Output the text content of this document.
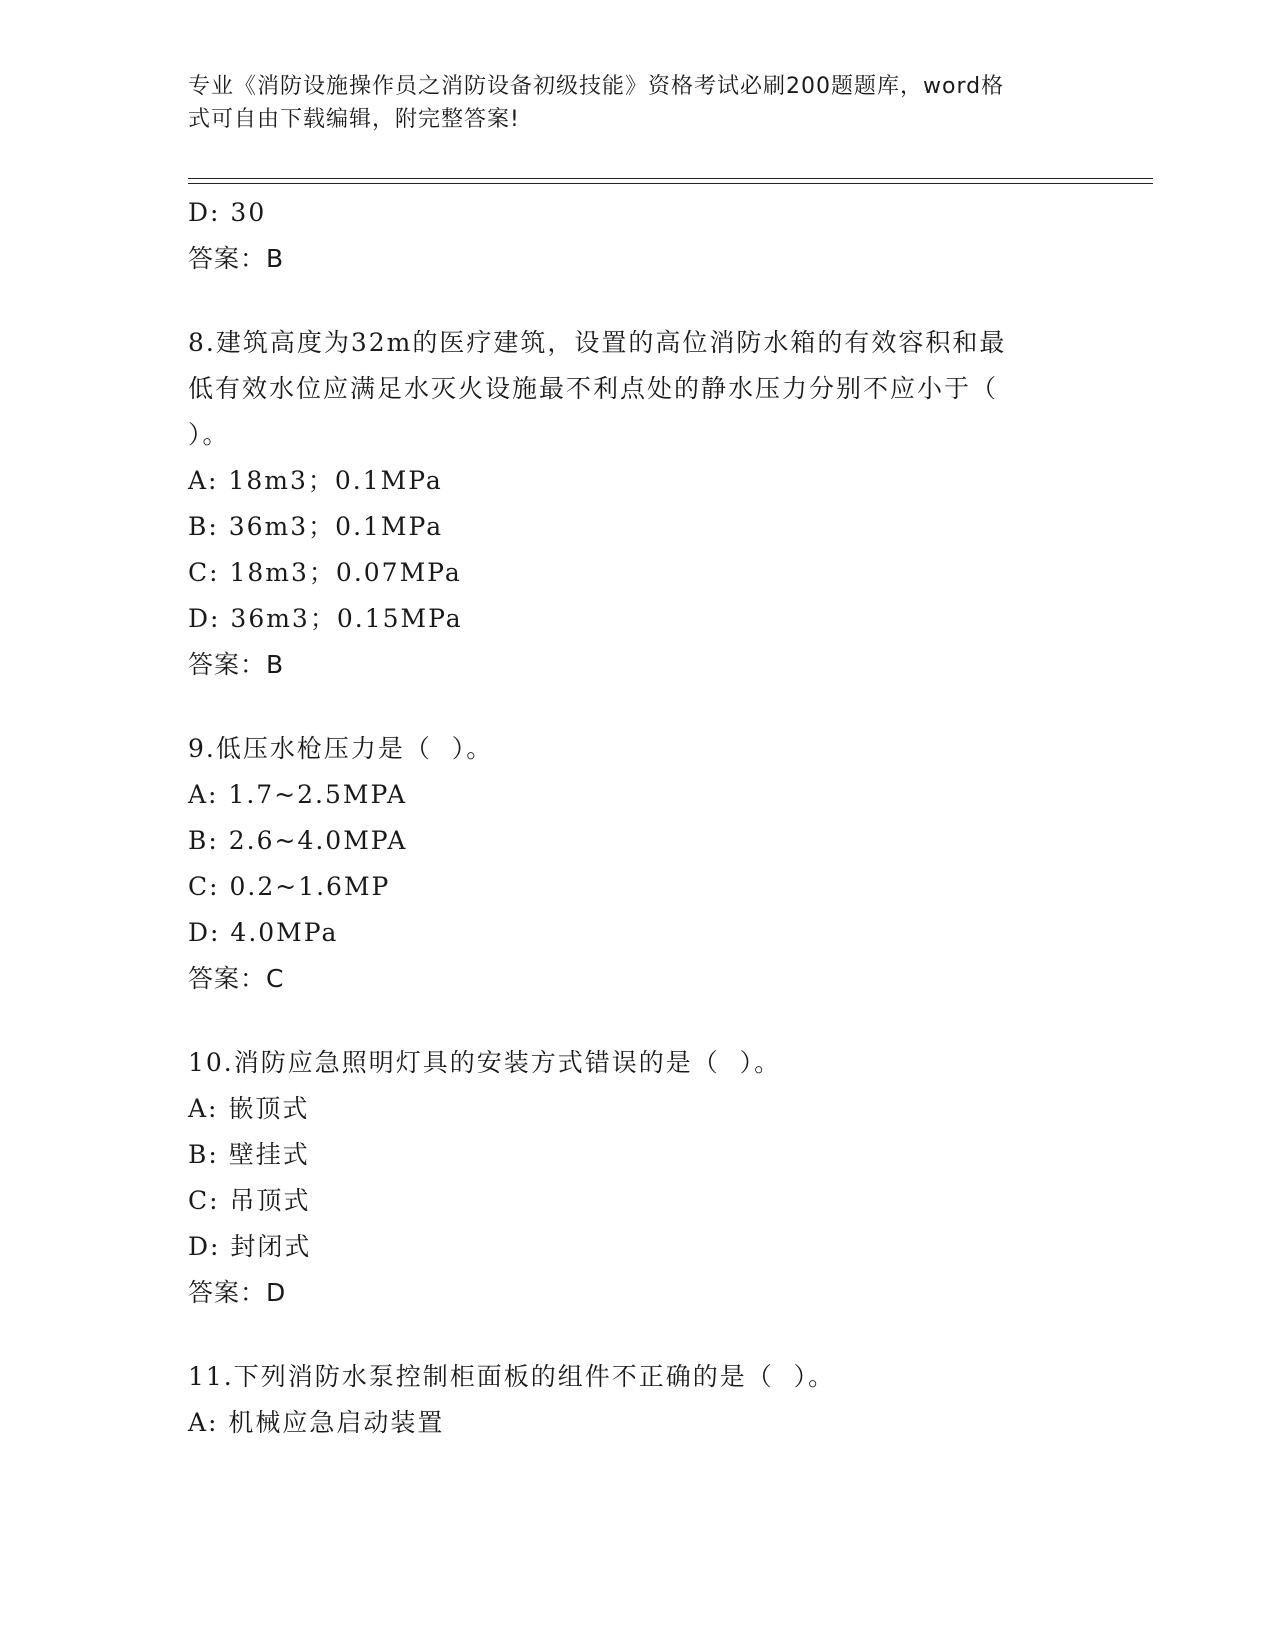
专业《消防设施操作员之消防设备初级技能》资格考试必刷200题题库，word格
式可自由下载编辑，附完整答案!
D: 30
答案：B
8.建筑高度为32m的医疗建筑，设置的高位消防水箱的有效容积和最
低有效水位应满足水灭火设施最不利点处的静水压力分别不应小于（
）。
A: 18m3；0.1MPa
B: 36m3；0.1MPa
C: 18m3；0.07MPa
D: 36m3；0.15MPa
答案：B
9.低压水枪压力是（  ）。
A: 1.7~2.5MPA
B: 2.6~4.0MPA
C: 0.2~1.6MP
D: 4.0MPa
答案：C
10.消防应急照明灯具的安装方式错误的是（  ）。
A: 嵌顶式
B: 壁挂式
C: 吊顶式
D: 封闭式
答案：D
11.下列消防水泵控制柜面板的组件不正确的是（  ）。
A: 机械应急启动装置
